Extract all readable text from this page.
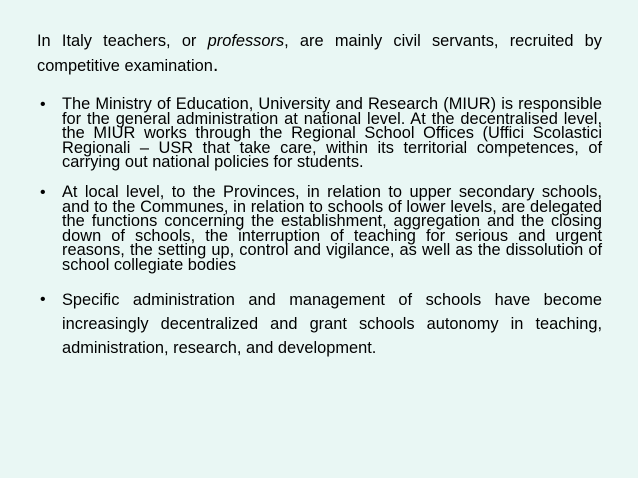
In Italy teachers, or professors, are mainly civil servants, recruited by competitive examination.

• The Ministry of Education, University and Research (MIUR) is responsible for the general administration at national level. At the decentralised level, the MIUR works through the Regional School Offices (Uffici Scolastici Regionali – USR that take care, within its territorial competences, of carrying out national policies for students.
• At local level, to the Provinces, in relation to upper secondary schools, and to the Communes, in relation to schools of lower levels, are delegated the functions concerning the establishment, aggregation and the closing down of schools, the interruption of teaching for serious and urgent reasons, the setting up, control and vigilance, as well as the dissolution of school collegiate bodies
• Specific administration and management of schools have become increasingly decentralized and grant schools autonomy in teaching, administration, research, and development.
